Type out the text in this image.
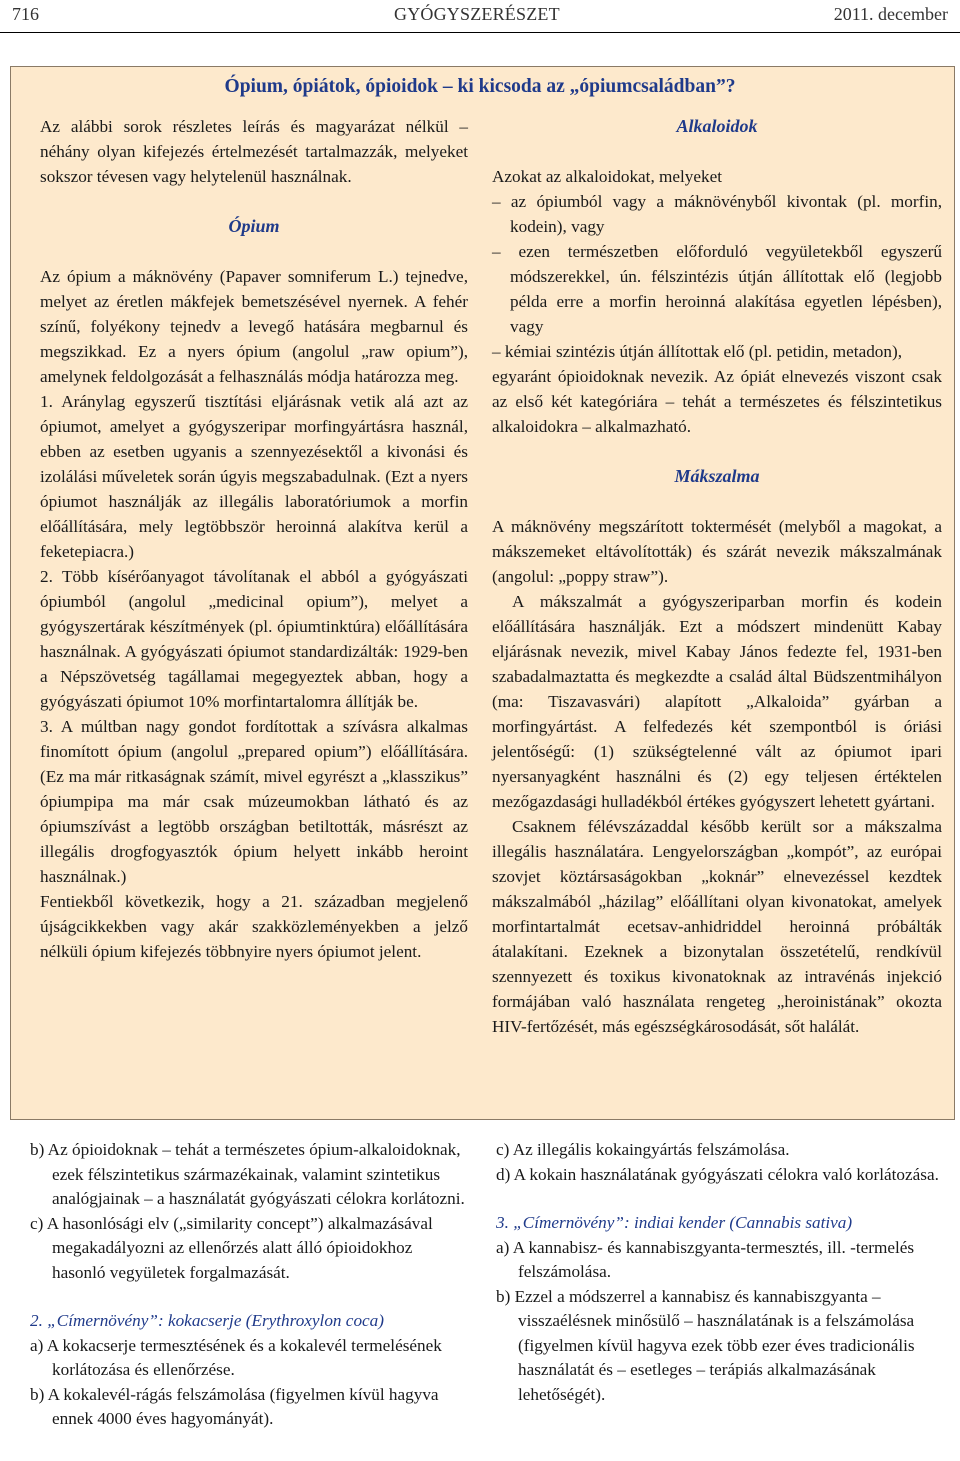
716	GYÓGYSZERÉSZET	2011. december
Ópium, ópiátok, ópioidok – ki kicsoda az „ópiumcsaládban”?

Az alábbi sorok részletes leírás és magyarázat nélkül – néhány olyan kifejezés értelmezését tartalmazzák, melyeket sokszor tévesen vagy helytelenül használnak.

Ópium

Az ópium a máknövény (Papaver somniferum L.) tejnedve, melyet az éretlen mákfejek bemetszésével nyernek. A fehér színű, folyékony tejnedv a levegő hatására megbarnul és megszikkad. Ez a nyers ópium (angolul „raw opium”), amelynek feldolgozását a felhasználás módja határozza meg.

1. Aránylag egyszerű tisztítási eljárásnak vetik alá azt az ópiumot, amelyet a gyógyszeripar morfingyártásra használ, ebben az esetben ugyanis a szennyezésektől a kivonási és izolálási műveletek során úgyis megszabadulnak. (Ezt a nyers ópiumot használják az illegális laboratóriumok a morfin előállítására, mely legtöbbször heroinná alakítva kerül a feketepiacra.)

2. Több kísérőanyagot távolítanak el abból a gyógyászati ópiumból (angolul „medicinal opium”), melyet a gyógyszertárak készítmények (pl. ópiumtinktúra) előállítására használnak. A gyógyászati ópiumot standardizálták: 1929-ben a Népszövetség tagállamai megegyeztek abban, hogy a gyógyászati ópiumot 10% morfintartalomra állítják be.

3. A múltban nagy gondot fordítottak a szívásra alkalmas finomított ópium (angolul „prepared opium”) előállítására. (Ez ma már ritkaságnak számít, mivel egyrészt a „klasszikus” ópiumpipa ma már csak múzeumokban látható és az ópiumszívást a legtöbb országban betiltották, másrészt az illegális drogfogyasztók ópium helyett inkább heroint használnak.)

Fentiekből következik, hogy a 21. században megjelenő újságcikkekben vagy akár szakközleményekben a jelző nélküli ópium kifejezés többnyire nyers ópiumot jelent.

Alkaloidok

Azokat az alkaloidokat, melyeket

– az ópiumból vagy a máknövényből kivontak (pl. morfin, kodein), vagy

– ezen természetben előforduló vegyületekből egyszerű módszerekkel, ún. félszintézis útján állítottak elő (legjobb példa erre a morfin heroinná alakítása egyetlen lépésben), vagy

– kémiai szintézis útján állítottak elő (pl. petidin, metadon),

egyaránt ópioidoknak nevezik. Az ópiát elnevezés viszont csak az első két kategóriára – tehát a természetes és félszintetikus alkaloidokra – alkalmazható.

Mákszalma

A máknövény megszárított toktermését (melyből a magokat, a mákszemeket eltávolították) és szárát nevezik mákszalmának (angolul: „poppy straw”).

A mákszalmát a gyógyszeriparban morfin és kodein előállítására használják. Ezt a módszert mindenütt Kabay eljárásnak nevezik, mivel Kabay János fedezte fel, 1931-ben szabadalmaztatta és megkezdte a család által Büdszentmihályon (ma: Tiszavasvári) alapított „Alkaloida” gyárban a morfingyártást. A felfedezés két szempontból is óriási jelentőségű: (1) szükségtelenné vált az ópiumot ipari nyersanyagként használni és (2) egy teljesen értéktelen mezőgazdasági hulladékból értékes gyógyszert lehetett gyártani.

Csaknem félévszázaddal később került sor a mákszalma illegális használatára. Lengyelországban „kompót”, az európai szovjet köztársaságokban „koknár” elnevezéssel kezdtek mákszalmából „házilag” előállítani olyan kivonatokat, amelyek morfintartalmát ecetsav-anhidriddel heroinná próbálták átalakítani. Ezeknek a bizonytalan összetételű, rendkívül szennyezett és toxikus kivonatoknak az intravénás injekció formájában való használata rengeteg „heroinistának” okozta HIV-fertőzését, más egészségkárosodását, sőt halálát.

b) Az ópioidoknak – tehát a természetes ópium-alkaloidoknak, ezek félszintetikus származékainak, valamint szintetikus analógjainak – a használatát gyógyászati célokra korlátozni.

c) A hasonlósági elv („similarity concept”) alkalmazásával megakadályozni az ellenőrzés alatt álló ópioidokhoz hasonló vegyületek forgalmazását.

2. „Címernövény”: kokacserje (Erythroxylon coca)

a) A kokacserje termesztésének és a kokalevél termelésének korlátozása és ellenőrzése.

b) A kokalevél-rágás felszámolása (figyelmen kívül hagyva ennek 4000 éves hagyományát).

c) Az illegális kokaingyártás felszámolása.

d) A kokain használatának gyógyászati célokra való korlátozása.

3. „Címernövény”: indiai kender (Cannabis sativa)

a) A kannabisz- és kannabiszgyanta-termesztés, ill. -termelés felszámolása.

b) Ezzel a módszerrel a kannabisz és kannabiszgyanta – visszaélésnek minősülő – használatának is a felszámolása (figyelmen kívül hagyva ezek több ezer éves tradicionális használatát és – esetleges – terápiás alkalmazásának lehetőségét).
